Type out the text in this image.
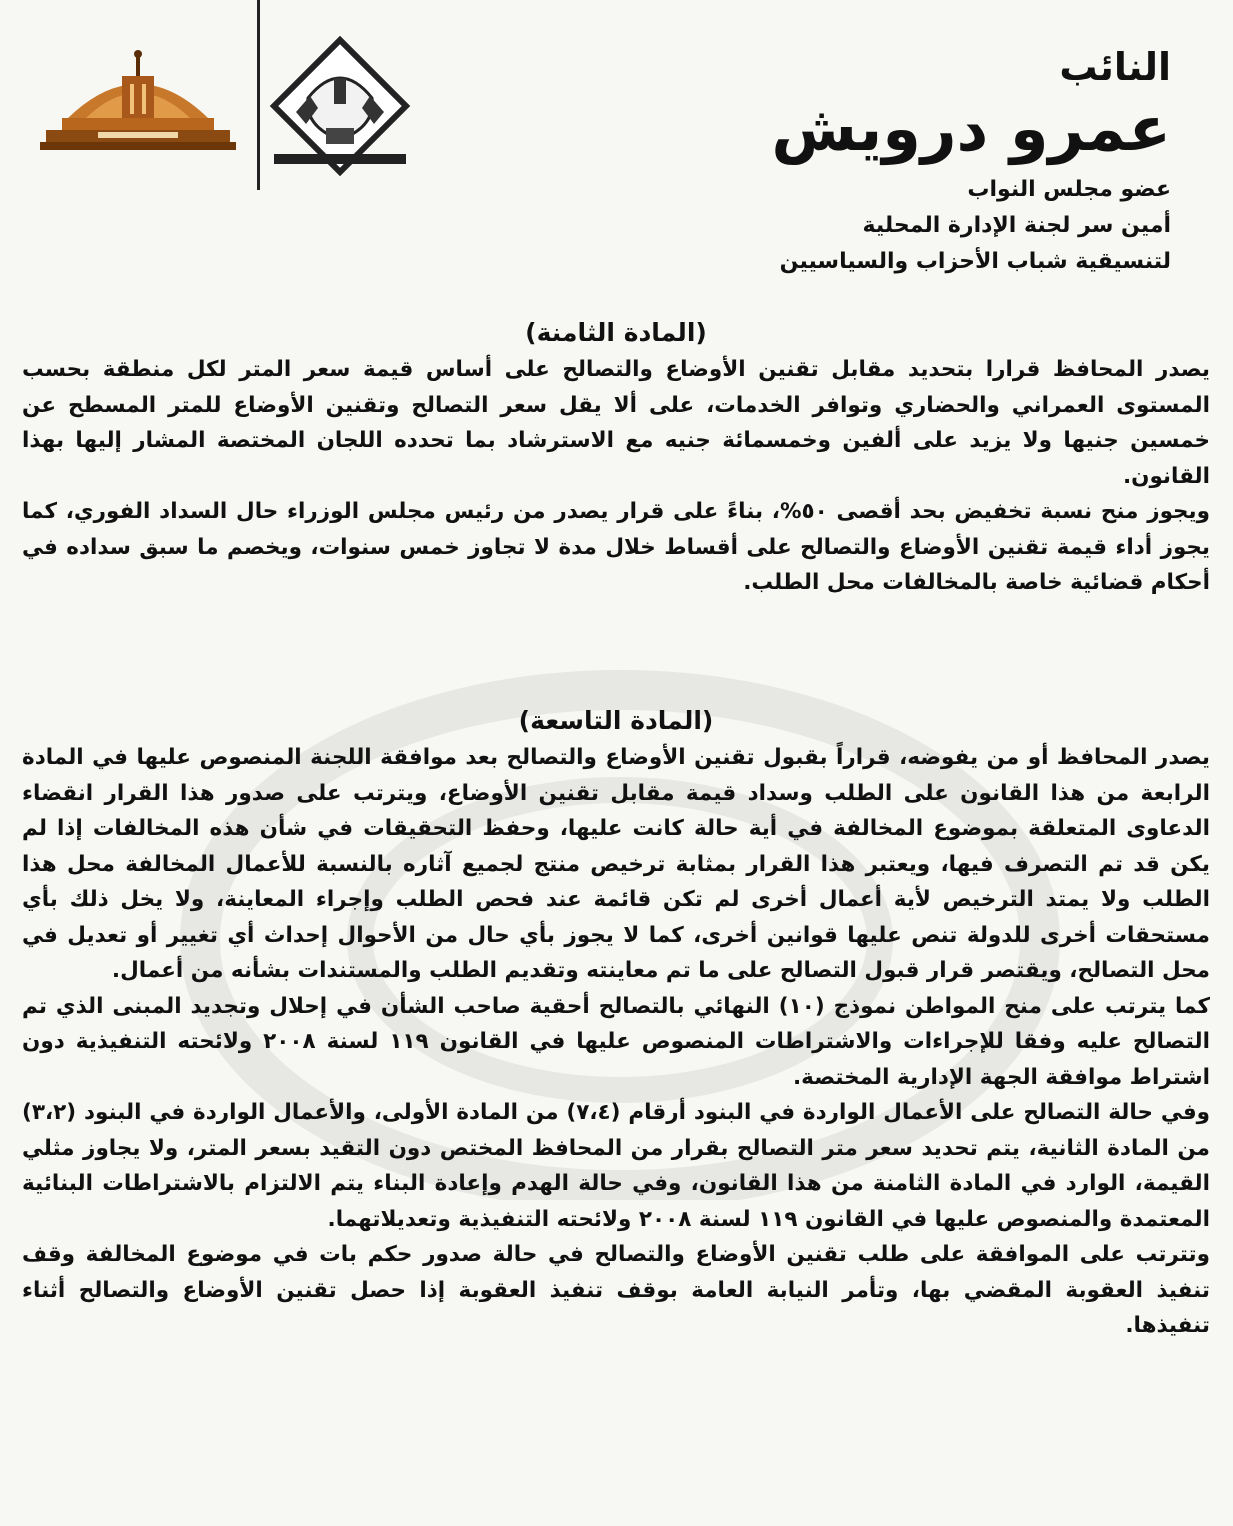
النائب

عمرو درويش

عضو مجلس النواب

أمين سر لجنة الإدارة المحلية

لتنسيقية شباب الأحزاب والسياسيين

(المادة الثامنة)

يصدر المحافظ قرارا بتحديد مقابل تقنين الأوضاع والتصالح على أساس قيمة سعر المتر لكل منطقة بحسب المستوى العمراني والحضاري وتوافر الخدمات، على ألا يقل سعر التصالح وتقنين الأوضاع للمتر المسطح عن خمسين جنيها ولا يزيد على ألفين وخمسمائة جنيه مع الاسترشاد بما تحدده اللجان المختصة المشار إليها بهذا القانون.

ويجوز منح نسبة تخفيض بحد أقصى ٥٠%، بناءً على قرار يصدر من رئيس مجلس الوزراء حال السداد الفوري، كما يجوز أداء قيمة تقنين الأوضاع والتصالح على أقساط خلال مدة لا تجاوز خمس سنوات، ويخصم ما سبق سداده في أحكام قضائية خاصة بالمخالفات محل الطلب.

(المادة التاسعة)

يصدر المحافظ أو من يفوضه، قراراً بقبول تقنين الأوضاع والتصالح بعد موافقة اللجنة المنصوص عليها في المادة الرابعة من هذا القانون على الطلب وسداد قيمة مقابل تقنين الأوضاع، ويترتب على صدور هذا القرار انقضاء الدعاوى المتعلقة بموضوع المخالفة في أية حالة كانت عليها، وحفظ التحقيقات في شأن هذه المخالفات إذا لم يكن قد تم التصرف فيها، ويعتبر هذا القرار بمثابة ترخيص منتج لجميع آثاره بالنسبة للأعمال المخالفة محل هذا الطلب ولا يمتد الترخيص لأية أعمال أخرى لم تكن قائمة عند فحص الطلب وإجراء المعاينة، ولا يخل ذلك بأي مستحقات أخرى للدولة تنص عليها قوانين أخرى، كما لا يجوز بأي حال من الأحوال إحداث أي تغيير أو تعديل في محل التصالح، ويقتصر قرار قبول التصالح على ما تم معاينته وتقديم الطلب والمستندات بشأنه من أعمال.

كما يترتب على منح المواطن نموذج (١٠) النهائي بالتصالح أحقية صاحب الشأن في إحلال وتجديد المبنى الذي تم التصالح عليه وفقا للإجراءات والاشتراطات المنصوص عليها في القانون ١١٩ لسنة ٢٠٠٨ ولائحته التنفيذية دون اشتراط موافقة الجهة الإدارية المختصة.

وفي حالة التصالح على الأعمال الواردة في البنود أرقام (٧،٤) من المادة الأولى، والأعمال الواردة في البنود (٣،٢) من المادة الثانية، يتم تحديد سعر متر التصالح بقرار من المحافظ المختص دون التقيد بسعر المتر، ولا يجاوز مثلي القيمة، الوارد في المادة الثامنة من هذا القانون، وفي حالة الهدم وإعادة البناء يتم الالتزام بالاشتراطات البنائية المعتمدة والمنصوص عليها في القانون ١١٩ لسنة ٢٠٠٨ ولائحته التنفيذية وتعديلاتهما.

وتترتب على الموافقة على طلب تقنين الأوضاع والتصالح في حالة صدور حكم بات في موضوع المخالفة وقف تنفيذ العقوبة المقضي بها، وتأمر النيابة العامة بوقف تنفيذ العقوبة إذا حصل تقنين الأوضاع والتصالح أثناء تنفيذها.
